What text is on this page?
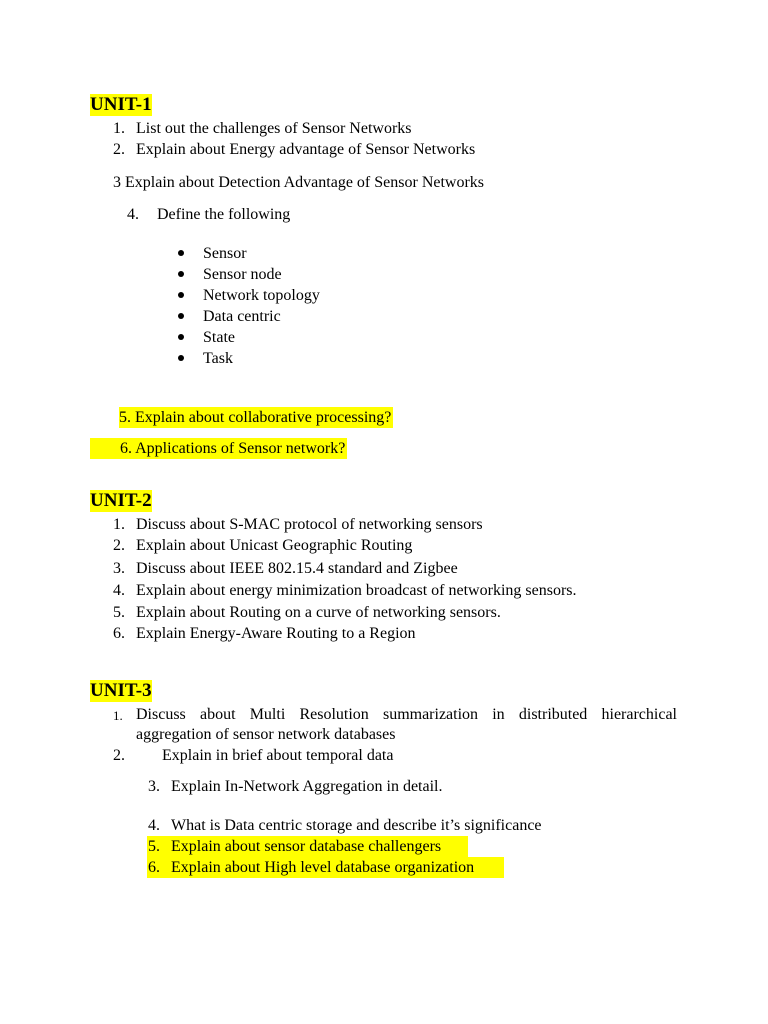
UNIT-1
1. List out the challenges of Sensor Networks
2. Explain about Energy advantage of Sensor Networks
3 Explain about Detection Advantage of Sensor Networks
4. Define the following
Sensor
Sensor node
Network topology
Data centric
State
Task
5. Explain about collaborative processing?
6. Applications of Sensor network?
UNIT-2
1. Discuss about S-MAC protocol of networking sensors
2. Explain about Unicast Geographic Routing
3. Discuss about IEEE 802.15.4 standard and Zigbee
4. Explain about energy minimization broadcast of networking sensors.
5. Explain about Routing on a curve of networking sensors.
6. Explain Energy-Aware Routing to a Region
UNIT-3
1. Discuss about Multi Resolution summarization in distributed hierarchical
aggregation of sensor network databases
2. Explain in brief about temporal data
3. Explain In-Network Aggregation in detail.
4. What is Data centric storage and describe it’s significance
5. Explain about sensor database challengers
6. Explain about High level database organization
